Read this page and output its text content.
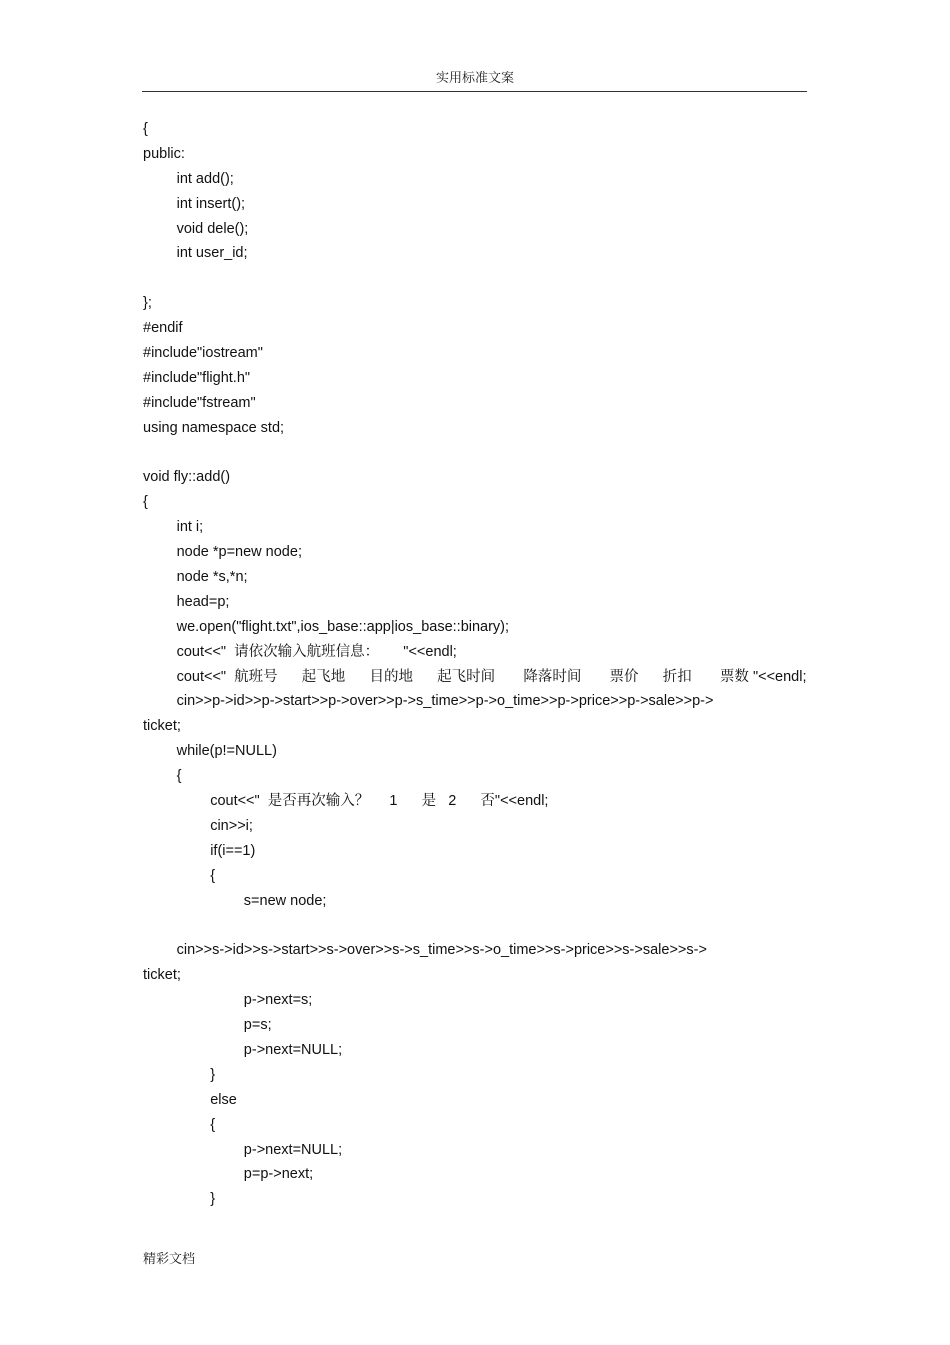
实用标准文案
{
public:
int add();
int insert();
void dele();
int user_id;
};
#endif
#include"iostream"
#include"flight.h"
#include"fstream"
using namespace std;
void fly::add()
{
int i;
node *p=new node;
node *s,*n;
head=p;
we.open("flight.txt",ios_base::app|ios_base::binary);
cout<<"  请依次输入航班信息：      "<<endl;
cout<<"  航班号      起飞地      目的地      起飞时间       降落时间       票价      折扣       票数 "<<endl;
cin>>p->id>>p->start>>p->over>>p->s_time>>p->o_time>>p->price>>p->sale>>p->
ticket;
while(p!=NULL)
{
cout<<"  是否再次输入？     1      是   2      否"<<endl;
cin>>i;
if(i==1)
{
s=new node;
cin>>s->id>>s->start>>s->over>>s->s_time>>s->o_time>>s->price>>s->sale>>s->
ticket;
p->next=s;
p=s;
p->next=NULL;
}
else
{
p->next=NULL;
p=p->next;
}
精彩文档
